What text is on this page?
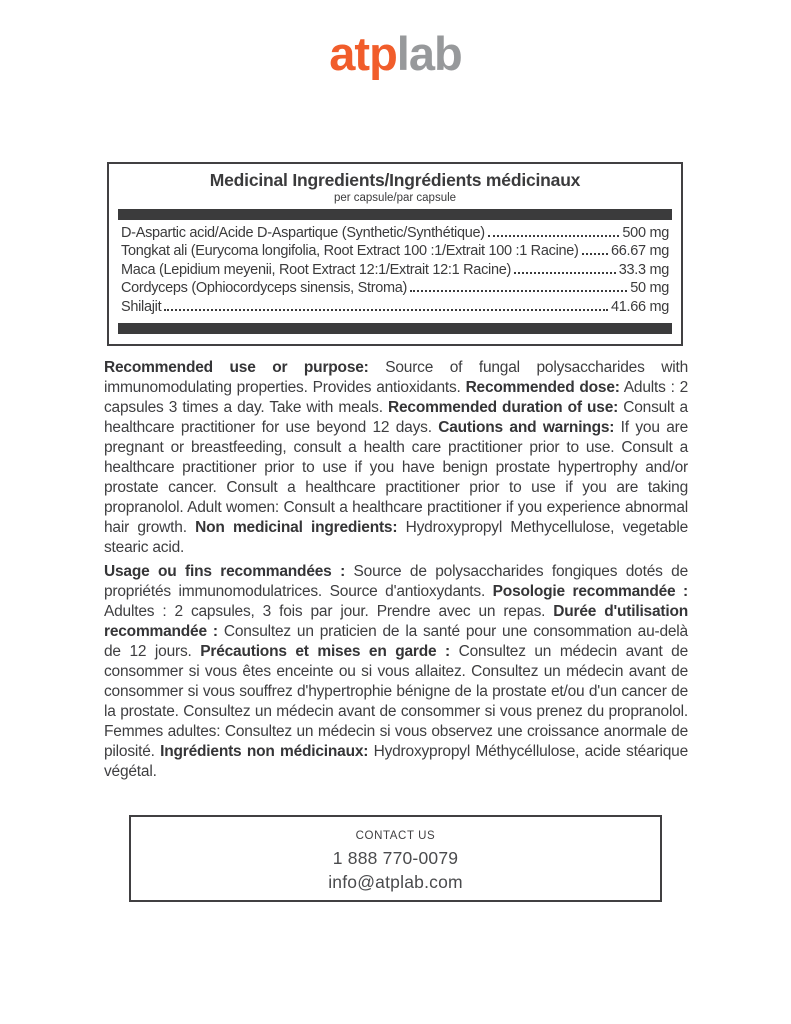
atplab
Medicinal Ingredients/Ingrédients médicinaux
per capsule/par capsule
D-Aspartic acid/Acide D-Aspartique (Synthetic/Synthétique)	500 mg
Tongkat ali (Eurycoma longifolia, Root Extract 100 :1/Extrait 100 :1 Racine) 66.67 mg
Maca (Lepidium meyenii, Root Extract 12:1/Extrait 12:1 Racine)	33.3 mg
Cordyceps (Ophiocordyceps sinensis, Stroma)	50 mg
Shilajit	41.66 mg
Recommended use or purpose: Source of fungal polysaccharides with immunomodulating properties. Provides antioxidants. Recommended dose: Adults : 2 capsules 3 times a day. Take with meals. Recommended duration of use: Consult a healthcare practitioner for use beyond 12 days. Cautions and warnings: If you are pregnant or breastfeeding, consult a health care practitioner prior to use. Consult a healthcare practitioner prior to use if you have benign prostate hypertrophy and/or prostate cancer. Consult a healthcare practitioner prior to use if you are taking propranolol. Adult women: Consult a healthcare practitioner if you experience abnormal hair growth. Non medicinal ingredients: Hydroxypropyl Methycellulose, vegetable stearic acid.
Usage ou fins recommandées : Source de polysaccharides fongiques dotés de propriétés immunomodulatrices. Source d'antioxydants. Posologie recommandée : Adultes : 2 capsules, 3 fois par jour. Prendre avec un repas. Durée d'utilisation recommandée : Consultez un praticien de la santé pour une consommation au-delà de 12 jours. Précautions et mises en garde : Consultez un médecin avant de consommer si vous êtes enceinte ou si vous allaitez. Consultez un médecin avant de consommer si vous souffrez d'hypertrophie bénigne de la prostate et/ou d'un cancer de la prostate. Consultez un médecin avant de consommer si vous prenez du propranolol. Femmes adultes: Consultez un médecin si vous observez une croissance anormale de pilosité. Ingrédients non médicinaux: Hydroxypropyl Méthycéllulose, acide stéarique végétal.
CONTACT US
1 888 770-0079
info@atplab.com
